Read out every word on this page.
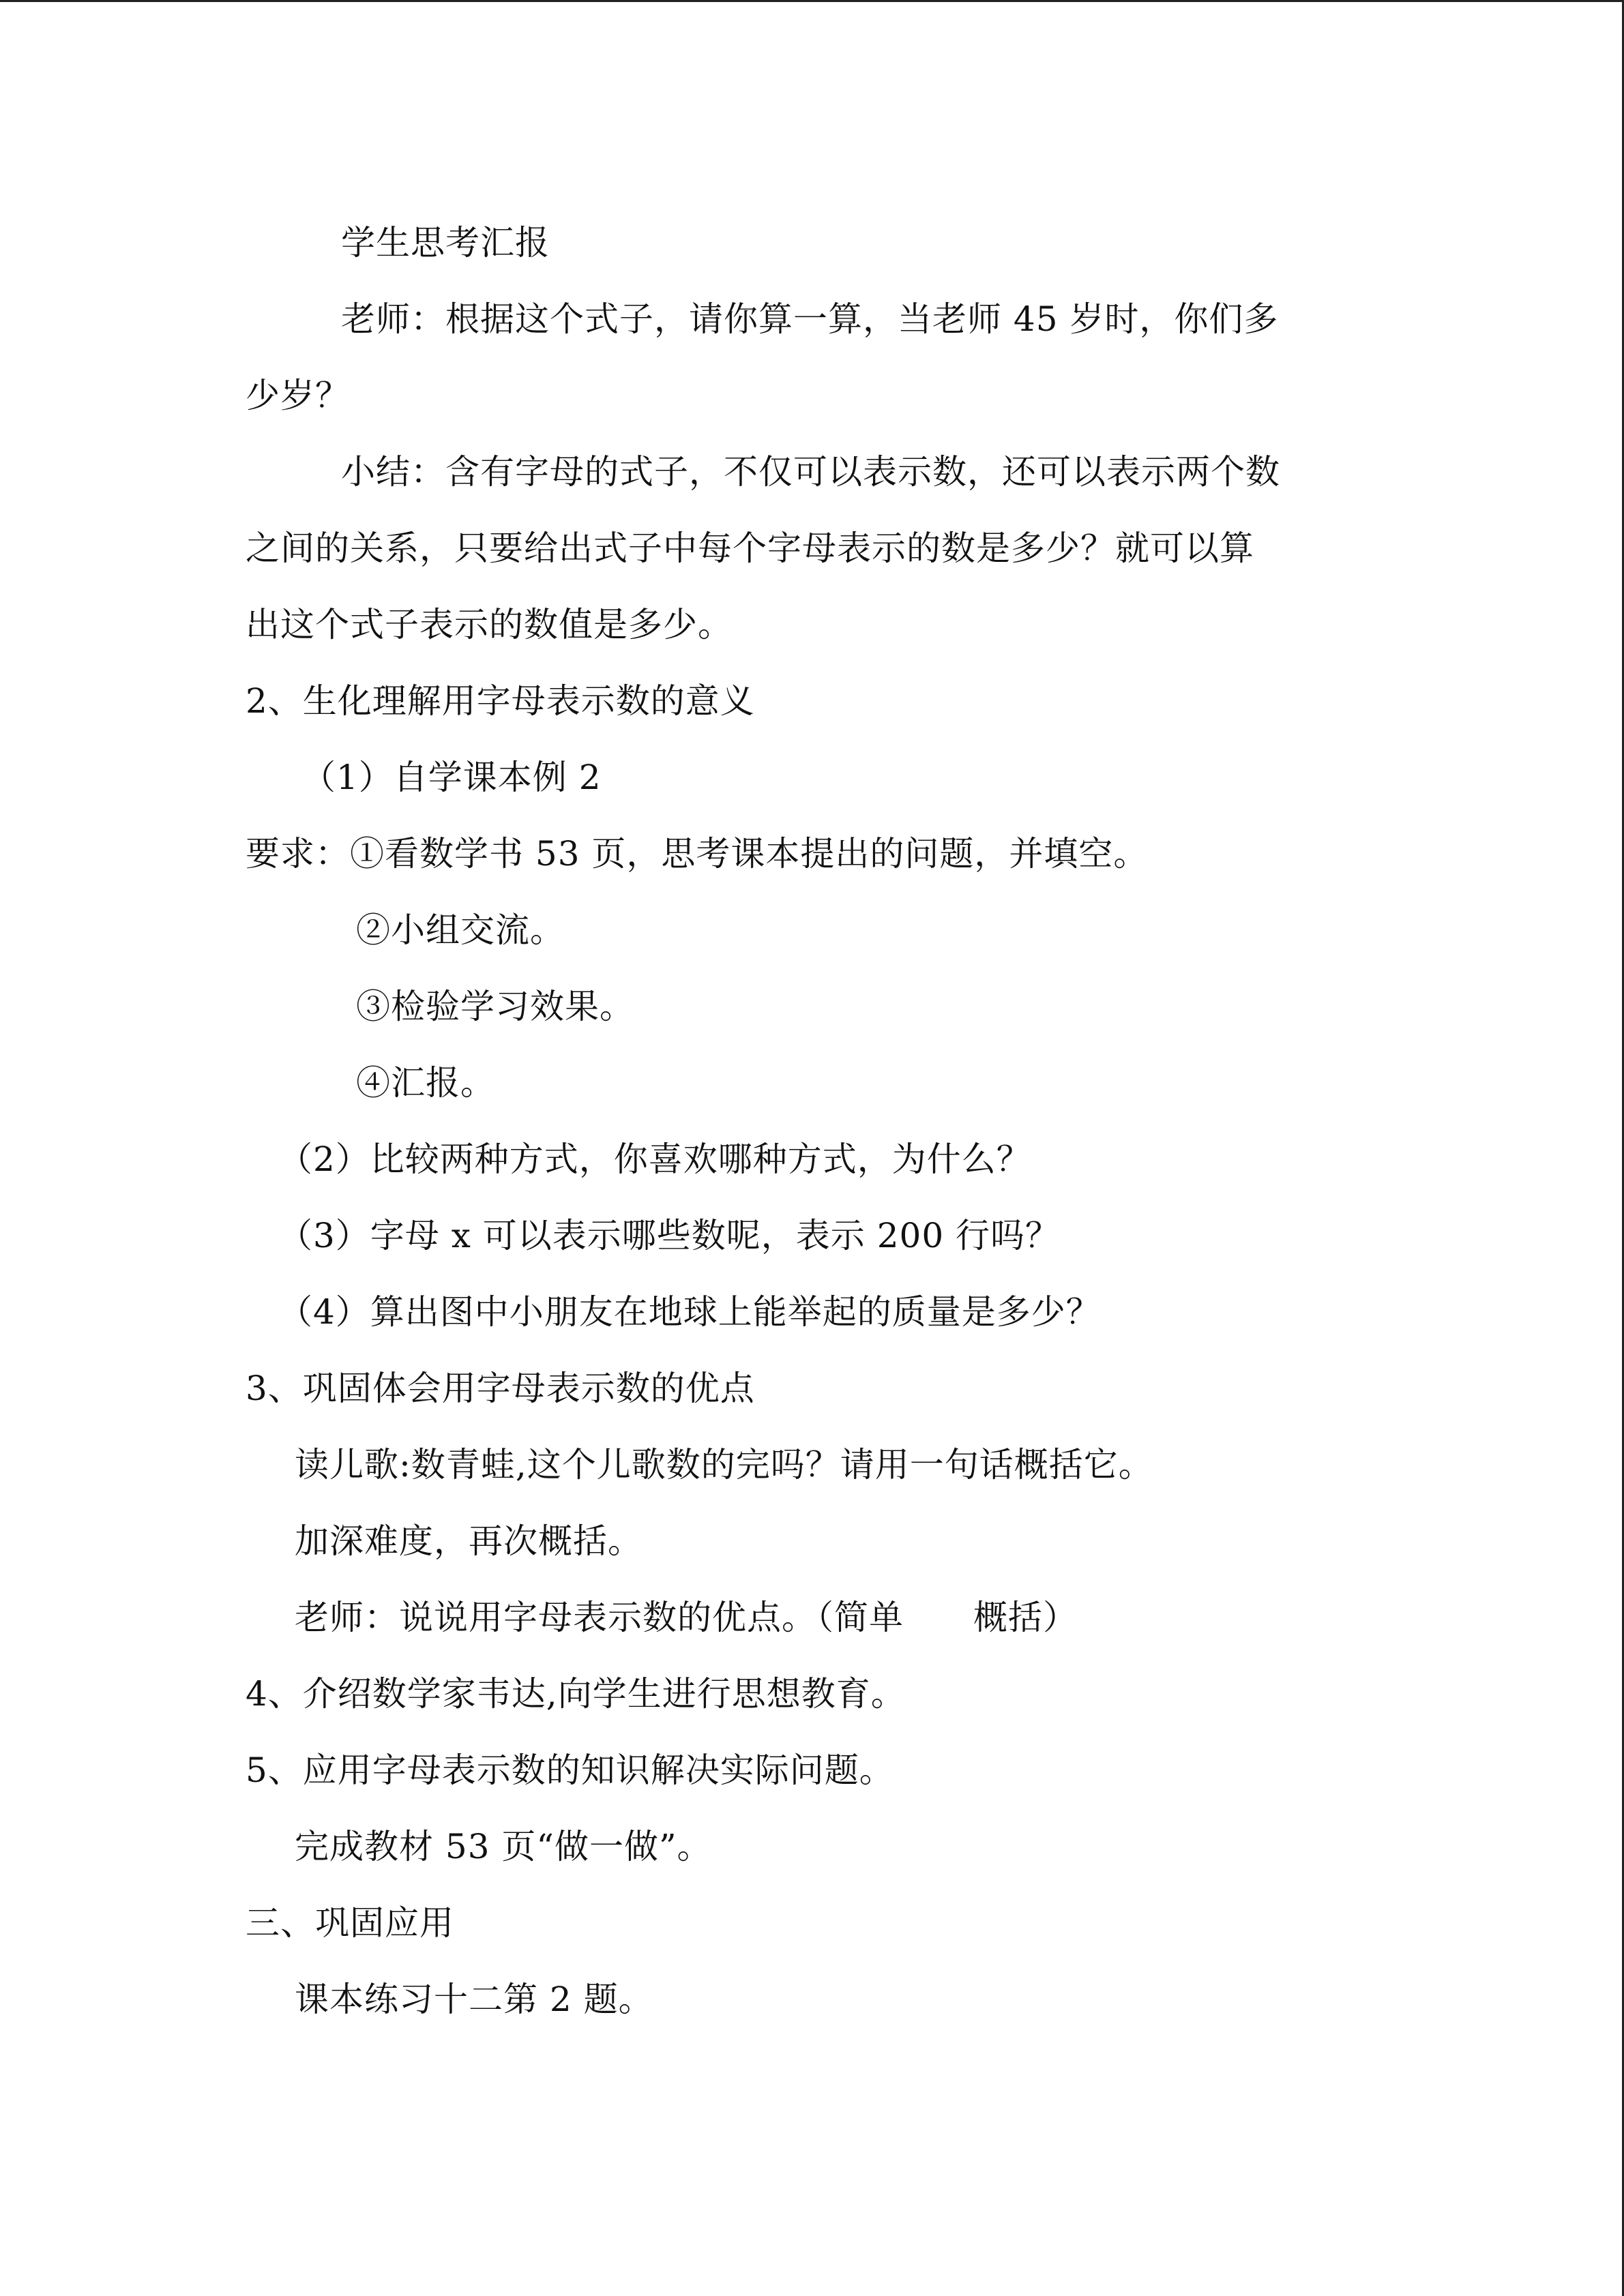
学生思考汇报
老师：根据这个式子，请你算一算，当老师 45 岁时，你们多
少岁？
小结：含有字母的式子，不仅可以表示数，还可以表示两个数
之间的关系，只要给出式子中每个字母表示的数是多少？就可以算
出这个式子表示的数值是多少。
2、生化理解用字母表示数的意义
（1）自学课本例 2
要求：①看数学书 53 页，思考课本提出的问题，并填空。
②小组交流。
③检验学习效果。
④汇报。
（2）比较两种方式，你喜欢哪种方式，为什么？
（3）字母 x 可以表示哪些数呢，表示 200 行吗？
（4）算出图中小朋友在地球上能举起的质量是多少？
3、巩固体会用字母表示数的优点
读儿歌:数青蛙,这个儿歌数的完吗？请用一句话概括它。
加深难度，再次概括。
老师：说说用字母表示数的优点。（简单　　概括）
4、介绍数学家韦达,向学生进行思想教育。
5、应用字母表示数的知识解决实际问题。
完成教材 53 页“做一做”。
三、巩固应用
课本练习十二第 2 题。
